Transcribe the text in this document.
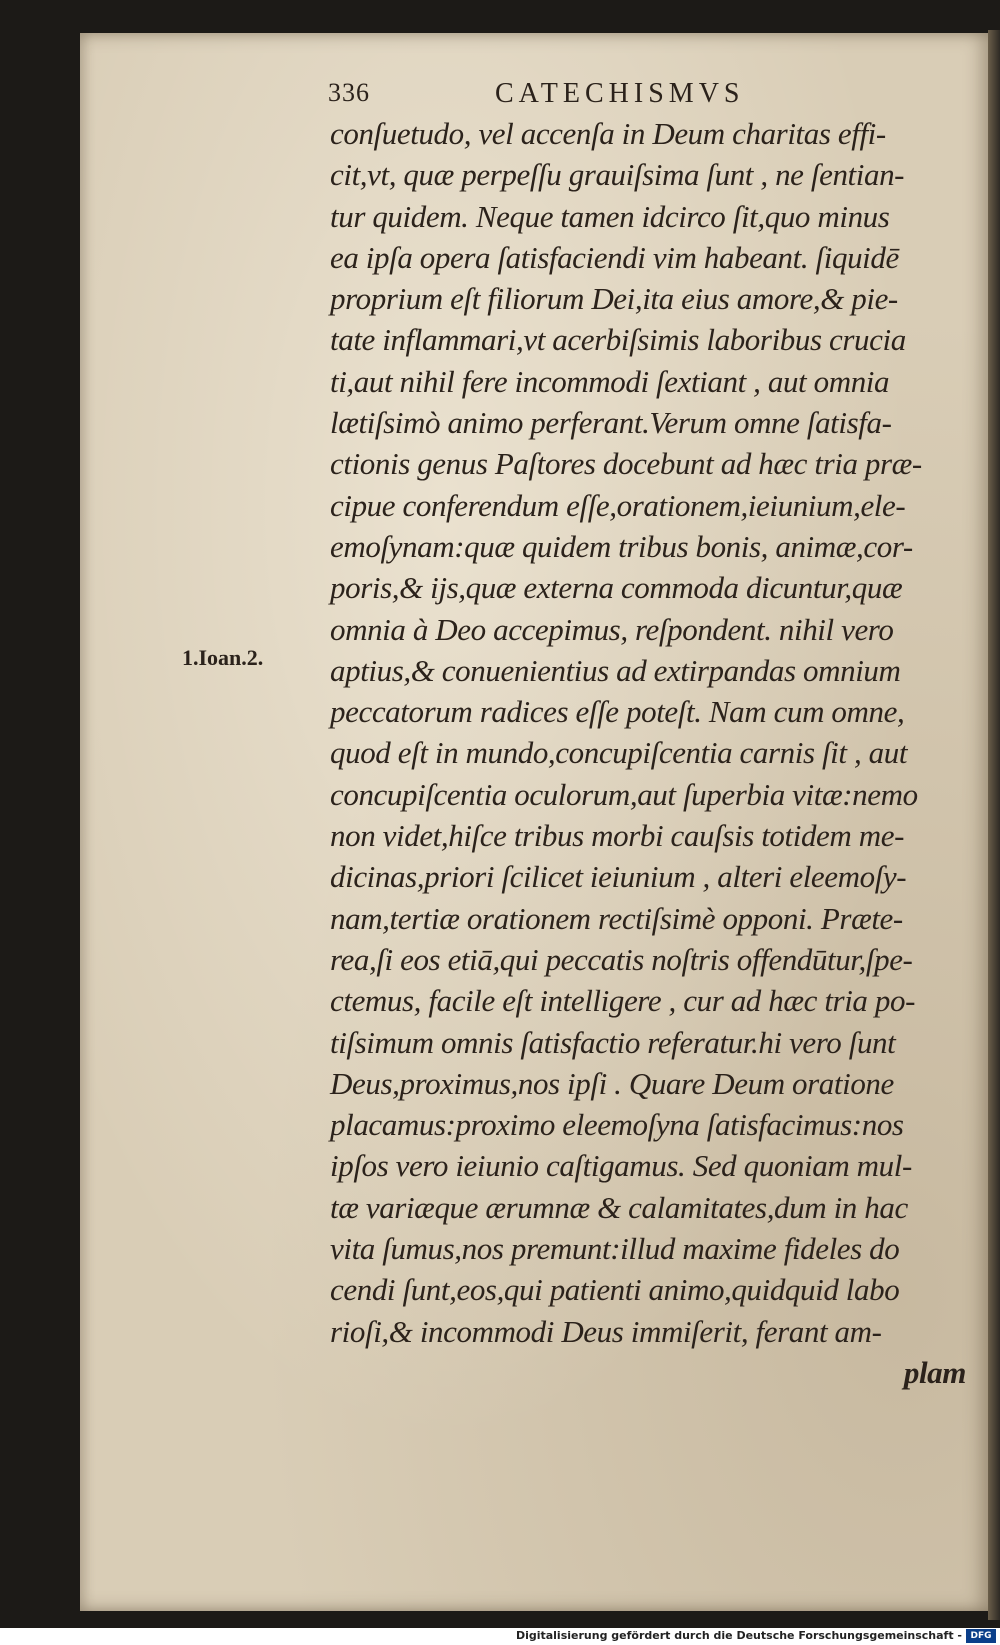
336	CATECHISMVS
1.Ioan.2.
conſuetudo, vel accenſa in Deum charitas effi-
cit,vt, quæ perpeſſu grauiſsima ſunt , ne ſentian-
tur quidem. Neque tamen idcirco ſit,quo minus
ea ipſa opera ſatisfaciendi vim habeant. ſiquidē
proprium eſt filiorum Dei,ita eius amore,& pie-
tate inflammari,vt acerbiſsimis laboribus crucia
ti,aut nihil fere incommodi ſextiant , aut omnia
lætiſsimò animo perferant.Verum omne ſatisfa-
ctionis genus Paſtores docebunt ad hæc tria præ-
cipue conferendum eſſe,orationem,ieiunium,ele-
emoſynam:quæ quidem tribus bonis, animæ,cor-
poris,& ijs,quæ externa commoda dicuntur,quæ
omnia à Deo accepimus, reſpondent. nihil vero
aptius,& conuenientius ad extirpandas omnium
peccatorum radices eſſe poteſt. Nam cum omne,
quod eſt in mundo,concupiſcentia carnis ſit , aut
concupiſcentia oculorum,aut ſuperbia vitæ:nemo
non videt,hiſce tribus morbi cauſsis totidem me-
dicinas,priori ſcilicet ieiunium , alteri eleemoſy-
nam,tertiæ orationem rectiſsimè opponi. Præte-
rea,ſi eos etiā,qui peccatis noſtris offendūtur,ſpe-
ctemus, facile eſt intelligere , cur ad hæc tria po-
tiſsimum omnis ſatisfactio referatur.hi vero ſunt
Deus,proximus,nos ipſi . Quare Deum oratione
placamus:proximo eleemoſyna ſatisfacimus:nos
ipſos vero ieiunio caſtigamus. Sed quoniam mul-
tæ variæque ærumnæ & calamitates,dum in hac
vita ſumus,nos premunt:illud maxime fideles do
cendi ſunt,eos,qui patienti animo,quidquid labo
rioſi,& incommodi Deus immiſerit, ferant am-
plam
Digitalisierung gefördert durch die Deutsche Forschungsgemeinschaft - DFG
